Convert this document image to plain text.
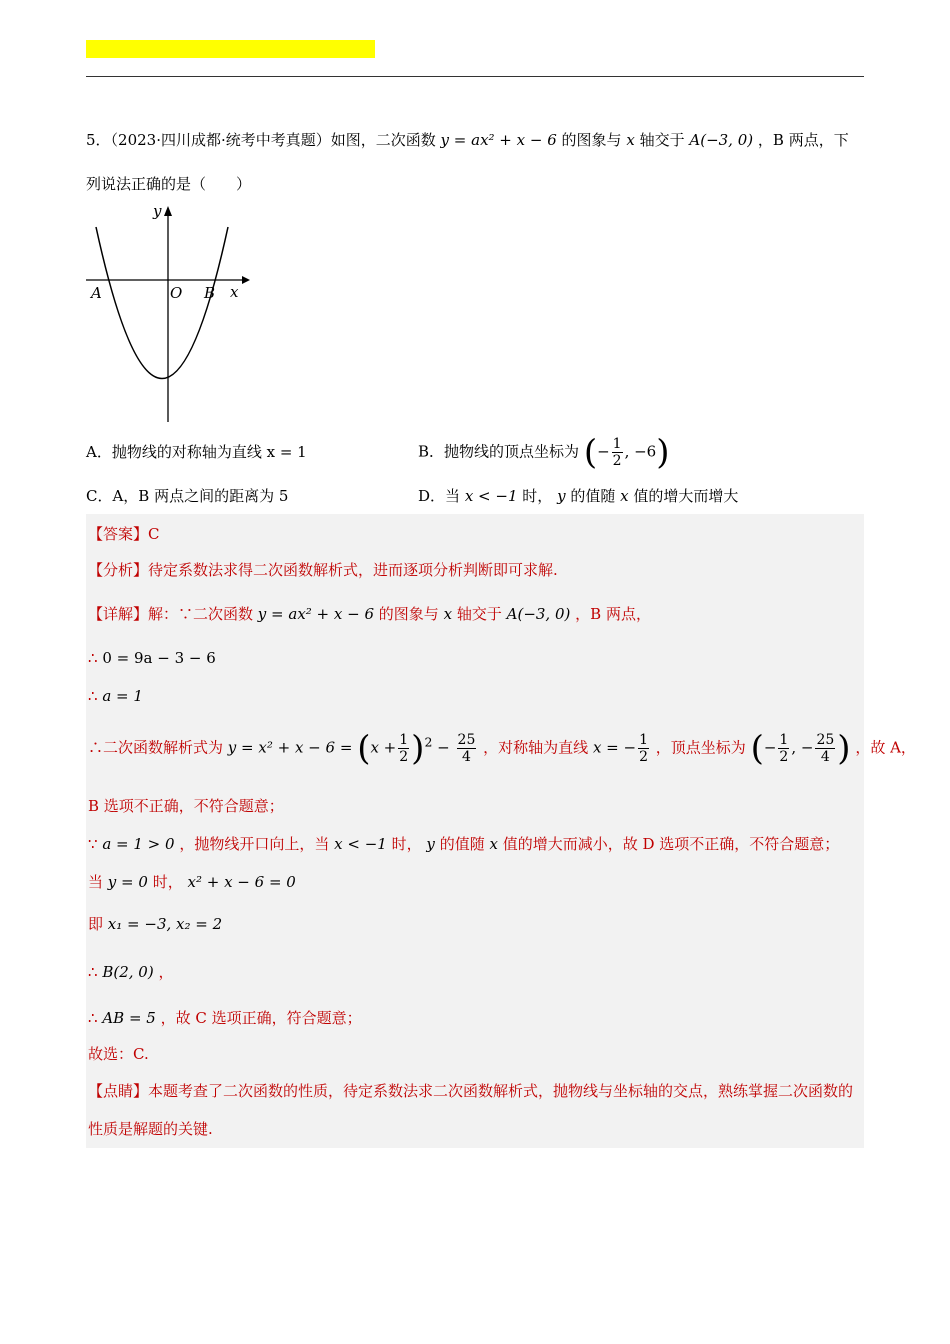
5．（2023·四川成都·统考中考真题）如图，二次函数 y = ax² + x − 6 的图象与 x 轴交于 A(−3, 0) ，B 两点，下
列说法正确的是（　　）
y
x
A	O B
A．抛物线的对称轴为直线 x = 1	B．抛物线的顶点坐标为 (− $\frac{1}{2}$ , −6)
C．A，B 两点之间的距离为 5	D．当 x < −1 时， y 的值随 x 值的增大而增大
【答案】C
【分析】待定系数法求得二次函数解析式，进而逐项分析判断即可求解.
【详解】解：∵二次函数 y = ax² + x − 6 的图象与 x 轴交于 A(−3, 0) ，B 两点，
∴ 0 = 9a − 3 − 6
∴ a = 1
∴二次函数解析式为 $y = x^2 + x - 6 = (x + \frac{1}{2} )^2 - \frac{25}{4}$ ，对称轴为直线 x = − $\frac{1}{2}$ ，顶点坐标为 (− $\frac{1}{2}$ , − $\frac{25}{4}$ ) ，故 A，
B 选项不正确，不符合题意；
∵ a = 1 > 0 ，抛物线开口向上，当 x < −1 时， y 的值随 x 值的增大而减小，故 D 选项不正确，不符合题意；
当 y = 0 时， x² + x − 6 = 0
即 x₁ = −3, x₂ = 2
∴ B(2, 0) ，
∴ AB = 5 ，故 C 选项正确，符合题意；
故选：C.
【点睛】本题考查了二次函数的性质，待定系数法求二次函数解析式，抛物线与坐标轴的交点，熟练掌握二次函数的性质是解题的关键.
